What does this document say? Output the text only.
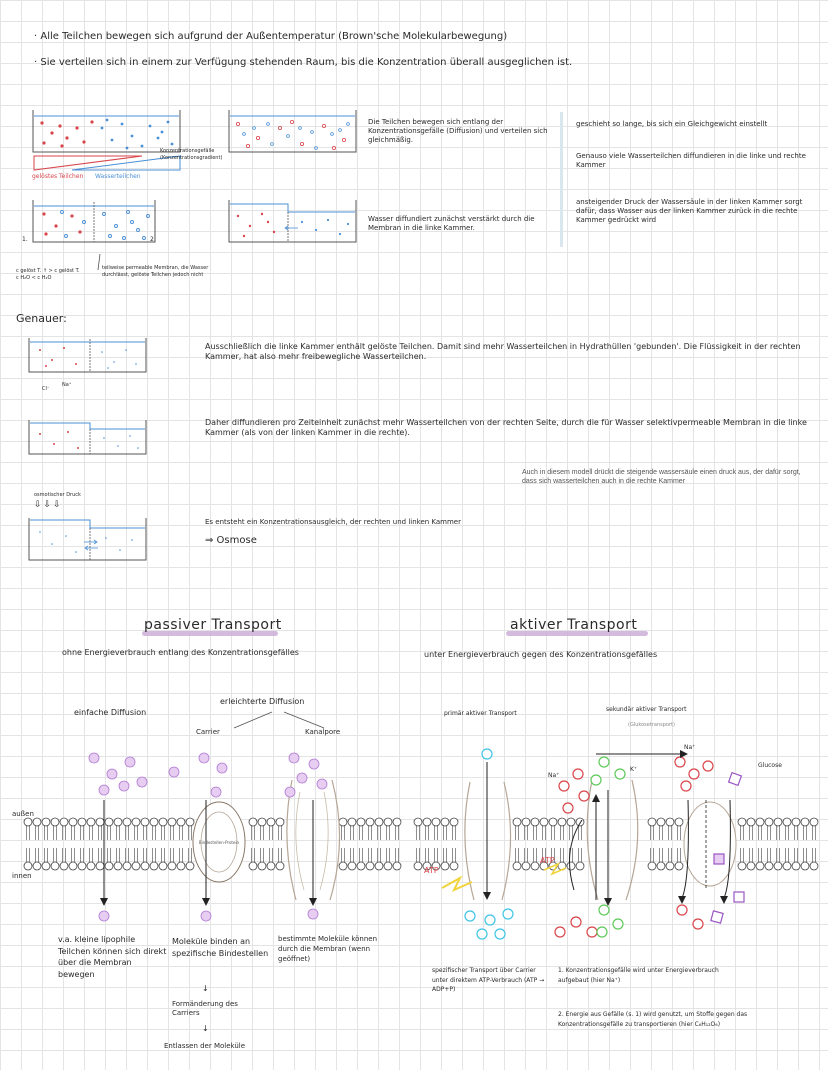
· Alle Teilchen bewegen sich aufgrund der Außentemperatur (Brown'sche Molekularbewegung)
· Sie verteilen sich in einem zur Verfügung stehenden Raum, bis die Konzentration überall ausgeglichen ist.
Konzentrationsgefälle (Konzentrationsgradient)
gelöstes Teilchen Wasserteilchen
Die Teilchen bewegen sich entlang der Konzentrationsgefälle (Diffusion) und verteilen sich gleichmäßig.
1.	2.
Wasser diffundiert zunächst verstärkt durch die Membran in die linke Kammer.
c gelöst T. ↑ > c gelöst T.
c H₂O < c H₂O
teilweise permeable Membran, die Wasser durchlässt, gelöste Teilchen jedoch nicht
geschieht so lange, bis sich ein Gleichgewicht einstellt
Genauso viele Wasserteilchen diffundieren in die linke und rechte Kammer
ansteigender Druck der Wassersäule in der linken Kammer sorgt dafür, dass Wasser aus der linken Kammer zurück in die rechte Kammer gedrückt wird
Genauer:
Cl⁻
Na⁺
Ausschließlich die linke Kammer enthält gelöste Teilchen. Damit sind mehr Wasserteilchen in Hydrathüllen 'gebunden'. Die Flüssigkeit in der rechten Kammer, hat also mehr freibewegliche Wasserteilchen.
Daher diffundieren pro Zeiteinheit zunächst mehr Wasserteilchen von der rechten Seite, durch die für Wasser selektivpermeable Membran in die linke Kammer (als von der linken Kammer in die rechte).
Auch in diesem modell drückt die steigende wassersäule einen druck aus, der dafür sorgt, dass sich wasserteilchen auch in die rechte Kammer
osmotischer Druck
⇩⇩⇩
Es entsteht ein Konzentrationsausgleich, der rechten und linken Kammer
⇒ Osmose
passiver Transport
ohne Energieverbrauch entlang des Konzentrationsgefälles
aktiver Transport
unter Energieverbrauch gegen des Konzentrationsgefälles
einfache Diffusion
erleichterte Diffusion
Carrier	Kanalpore
außen
innen
Bindestellen-Protein
v.a. kleine lipophile Teilchen können sich direkt über die Membran bewegen
Moleküle binden an spezifische Bindestellen
↓
Formänderung des Carriers
↓
Entlassen der Moleküle
bestimmte Moleküle können durch die Membran (wenn geöffnet)
primär aktiver Transport
sekundär aktiver Transport
(Glukosetransport)
Na⁺
Na⁺
K⁺
Glucose
ATP
ATP
spezifischer Transport über Carrier unter direktem ATP-Verbrauch (ATP → ADP+P)
1. Konzentrationsgefälle wird unter Energieverbrauch aufgebaut (hier Na⁺)
2. Energie aus Gefälle (s. 1) wird genutzt, um Stoffe gegen das Konzentrationsgefälle zu transportieren (hier C₆H₁₂O₆)
